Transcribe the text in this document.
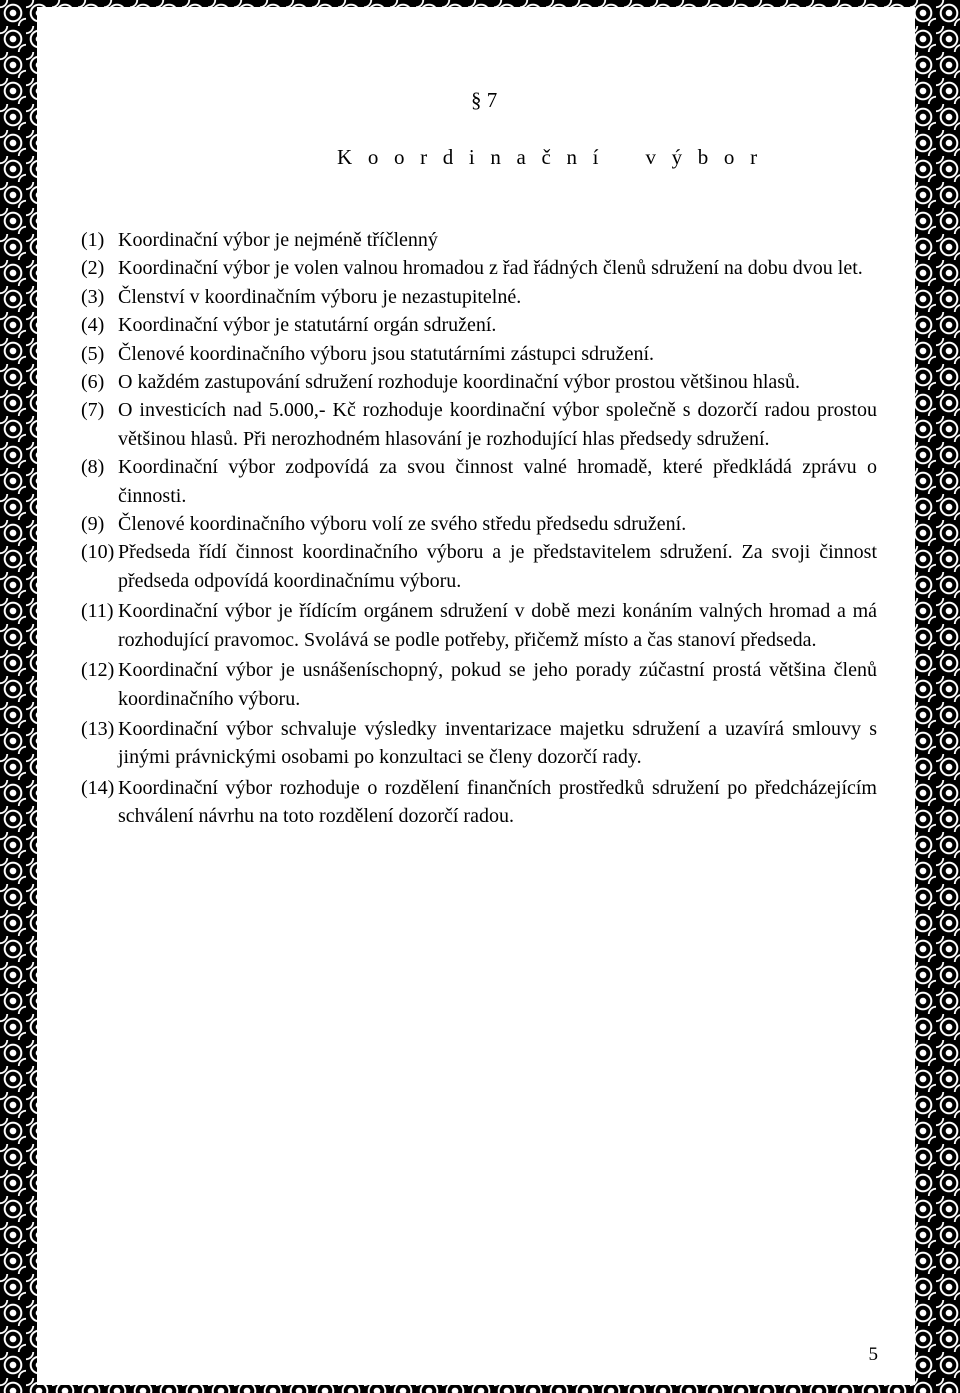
§ 7
K o o r d i n a č n í    v ý b o r
(1) Koordinační výbor je nejméně tříčlenný
(2) Koordinační výbor je volen valnou hromadou z řad řádných členů sdružení na dobu dvou let.
(3) Členství v koordinačním výboru je nezastupitelné.
(4) Koordinační výbor je statutární orgán sdružení.
(5) Členové koordinačního výboru jsou statutárními zástupci sdružení.
(6) O každém zastupování sdružení rozhoduje koordinační výbor prostou většinou hlasů.
(7) O investicích nad 5.000,- Kč rozhoduje koordinační výbor společně s dozorčí radou prostou většinou hlasů. Při nerozhodném hlasování je rozhodující hlas předsedy sdružení.
(8) Koordinační výbor zodpovídá za svou činnost valné hromadě, které předkládá zprávu o činnosti.
(9) Členové koordinačního výboru volí ze svého středu předsedu sdružení.
(10) Předseda řídí činnost koordinačního výboru a je představitelem sdružení. Za svoji činnost předseda odpovídá koordinačnímu výboru.
(11) Koordinační výbor je řídícím orgánem sdružení v době mezi konáním valných hromad a má rozhodující pravomoc. Svolává se podle potřeby, přičemž místo a čas stanoví předseda.
(12) Koordinační výbor je usnášeníschopný, pokud se jeho porady zúčastní prostá většina členů koordinačního výboru.
(13) Koordinační výbor schvaluje výsledky inventarizace majetku sdružení a uzavírá smlouvy s jinými právnickými osobami po konzultaci se členy dozorčí rady.
(14) Koordinační výbor rozhoduje o rozdělení finančních prostředků sdružení po předcházejícím schválení návrhu na toto rozdělení dozorčí radou.
5
